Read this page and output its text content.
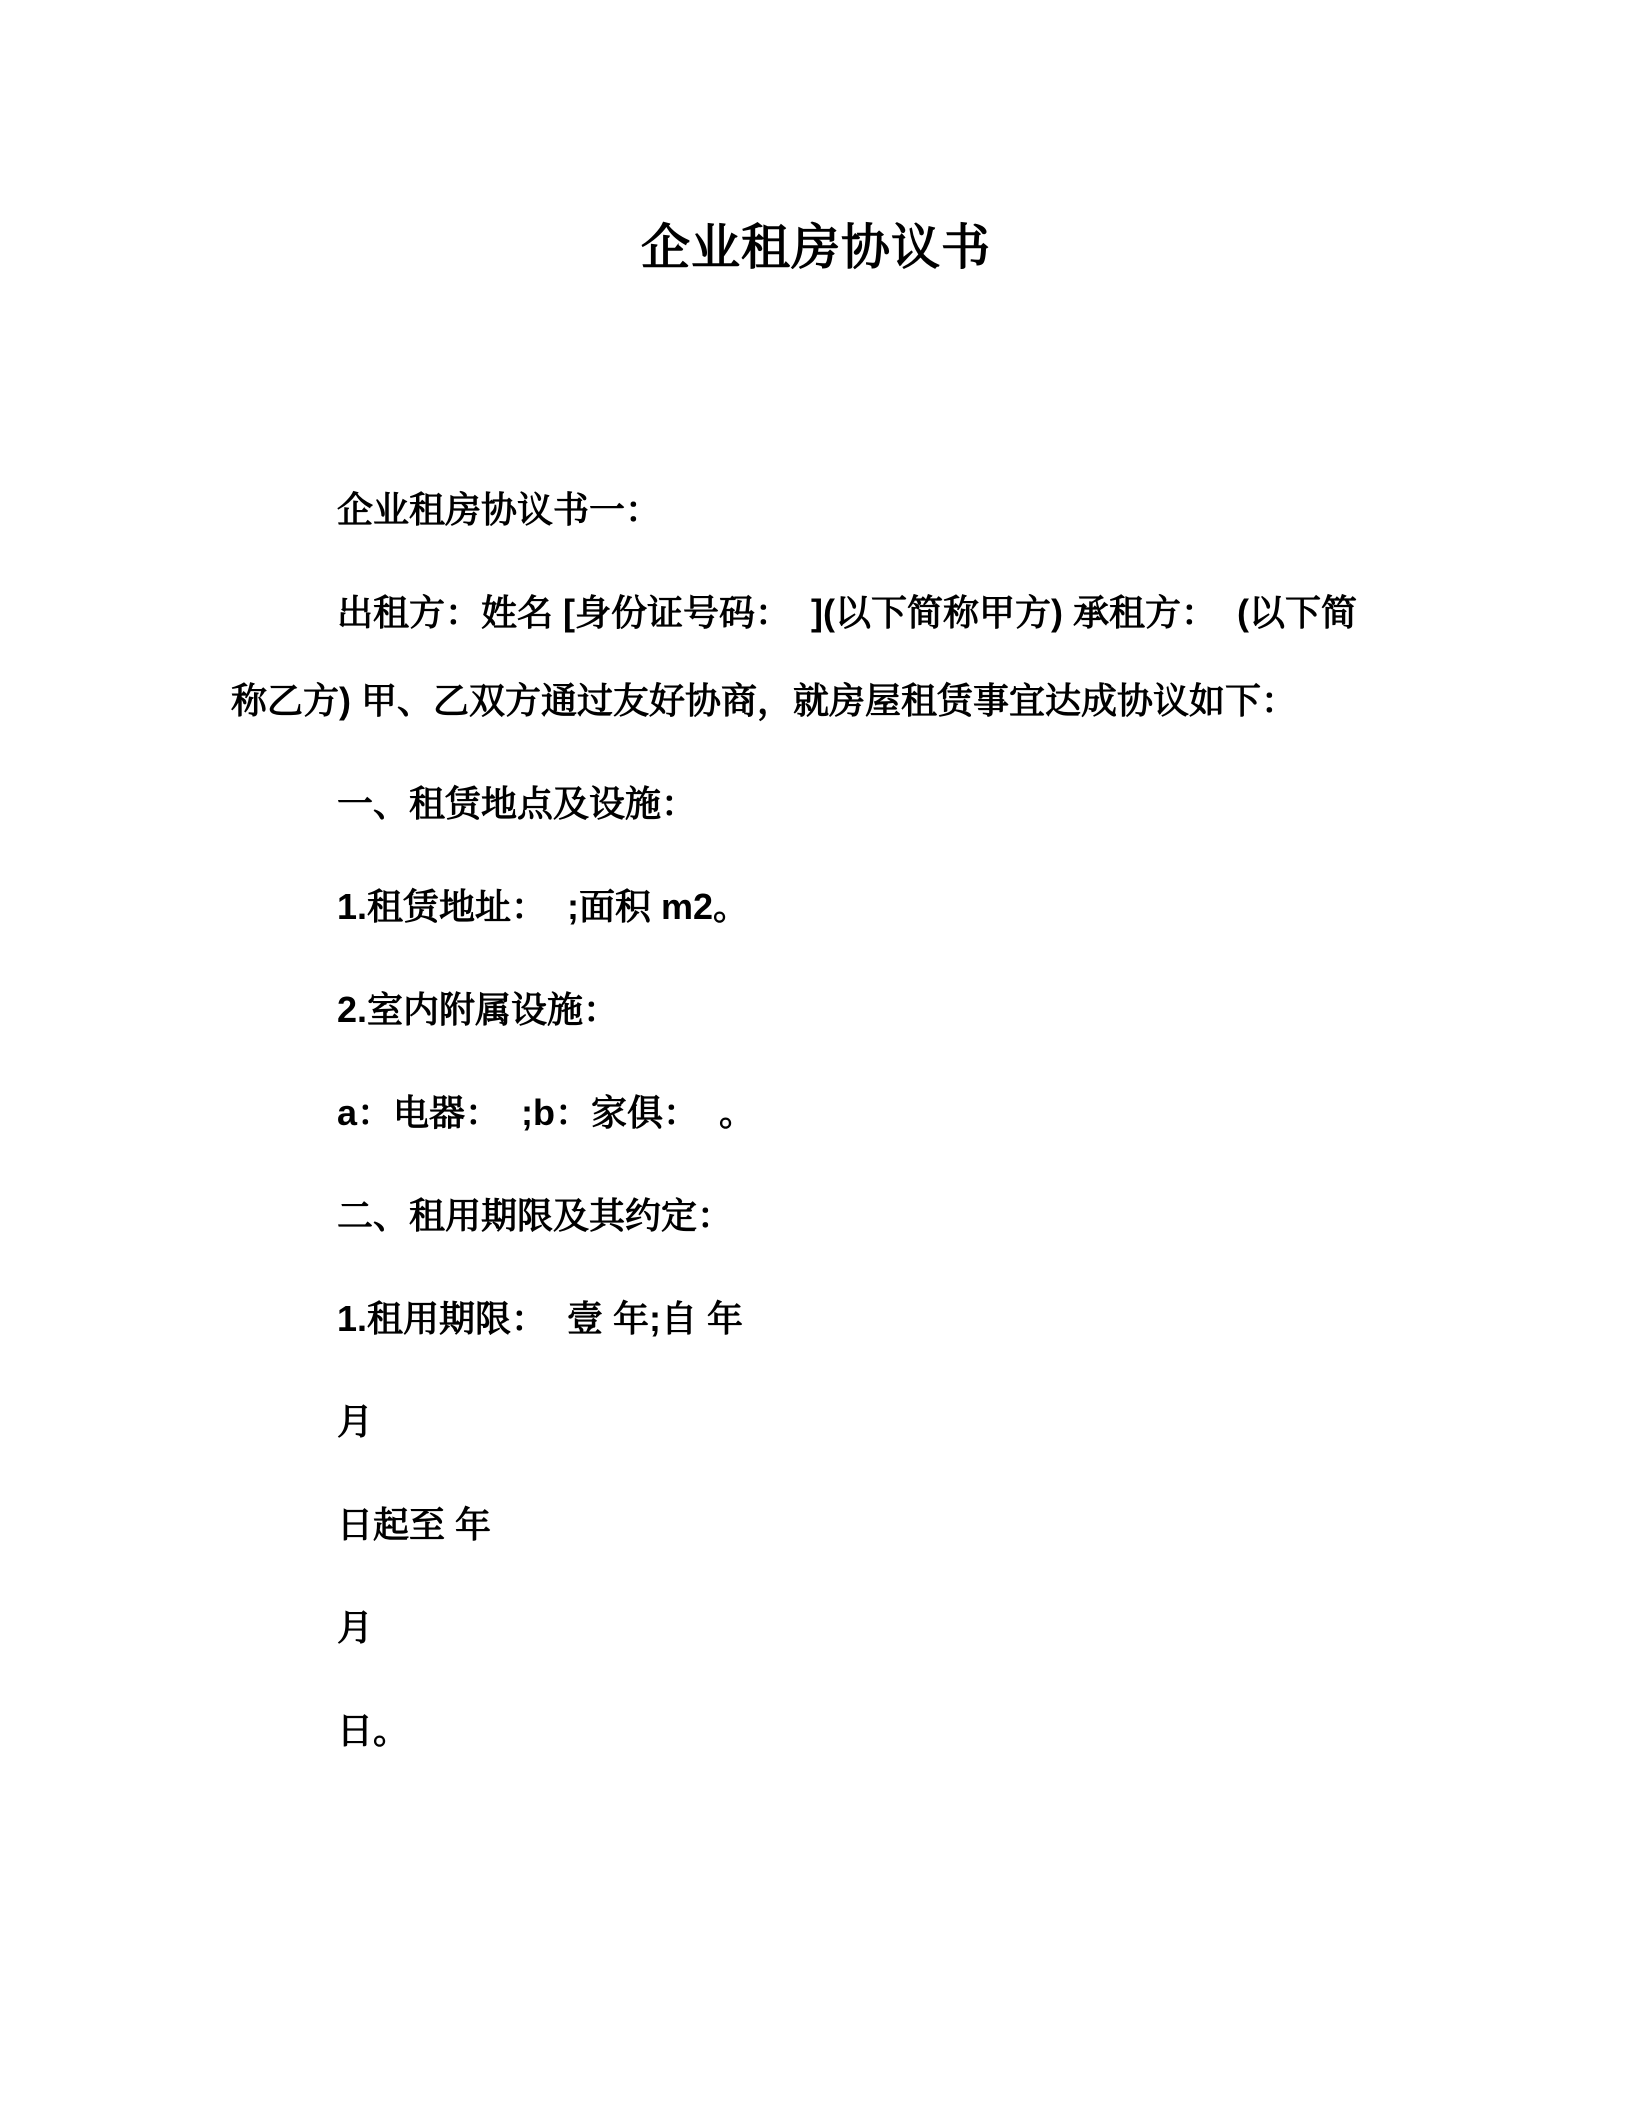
企业租房协议书

企业租房协议书一：

出租方：姓名 [身份证号码：  ](以下简称甲方) 承租方：  (以下简
称乙方) 甲、乙双方通过友好协商，就房屋租赁事宜达成协议如下：

一、租赁地点及设施：

1.租赁地址：  ;面积 m2。

2.室内附属设施：

a：电器：  ;b：家俱：  。

二、租用期限及其约定：

1.租用期限：  壹 年;自 年

月

日起至 年

月

日。
